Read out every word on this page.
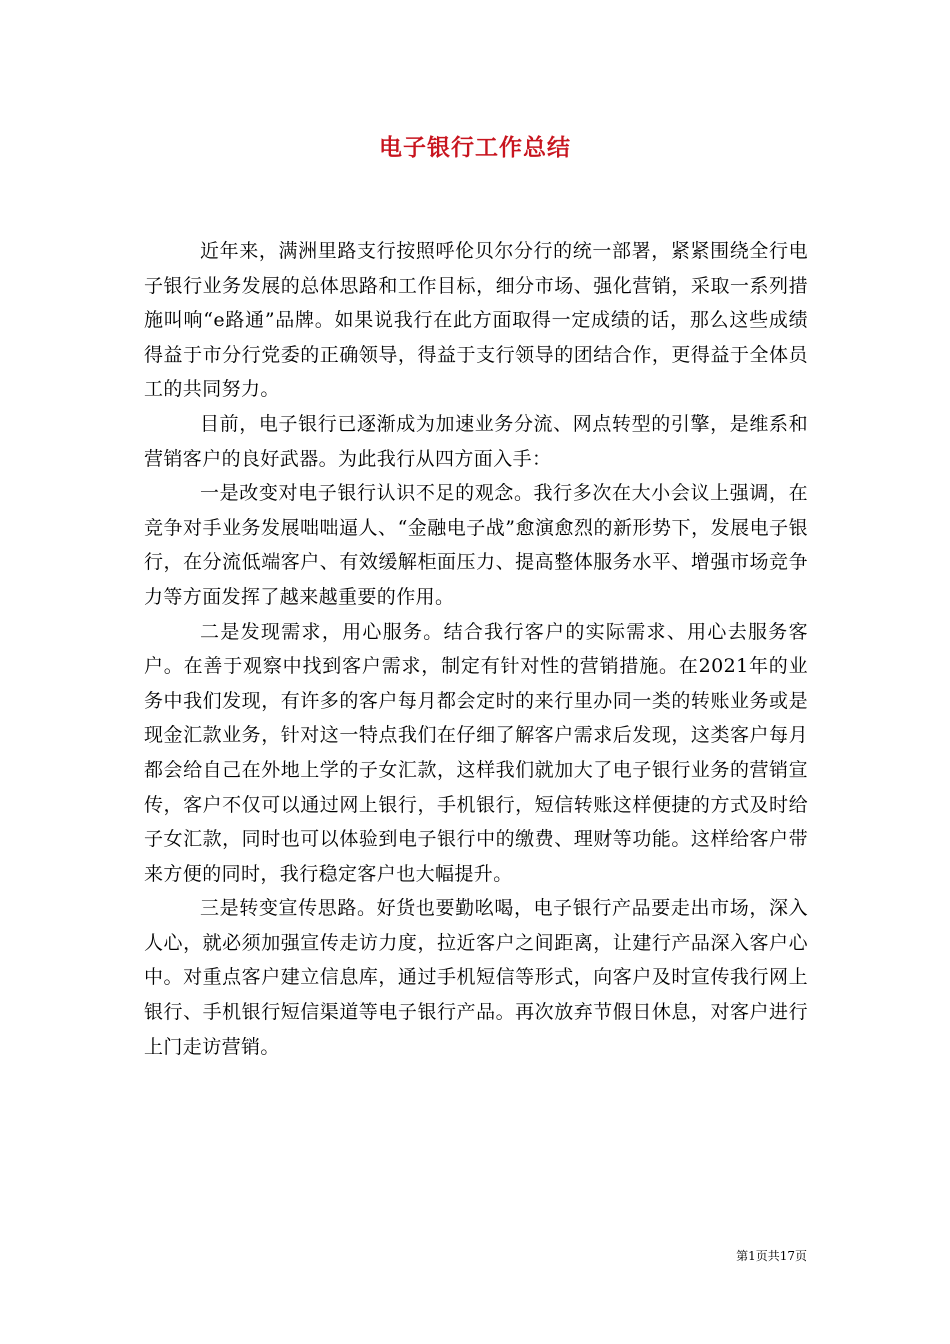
电子银行工作总结

近年来，满洲里路支行按照呼伦贝尔分行的统一部署，紧紧围绕全行电子银行业务发展的总体思路和工作目标，细分市场、强化营销，采取一系列措施叫响“e路通”品牌。如果说我行在此方面取得一定成绩的话，那么这些成绩得益于市分行党委的正确领导，得益于支行领导的团结合作，更得益于全体员工的共同努力。

目前，电子银行已逐渐成为加速业务分流、网点转型的引擎，是维系和营销客户的良好武器。为此我行从四方面入手：

一是改变对电子银行认识不足的观念。我行多次在大小会议上强调，在竞争对手业务发展咄咄逼人、“金融电子战”愈演愈烈的新形势下，发展电子银行，在分流低端客户、有效缓解柜面压力、提高整体服务水平、增强市场竞争力等方面发挥了越来越重要的作用。

二是发现需求，用心服务。结合我行客户的实际需求、用心去服务客户。在善于观察中找到客户需求，制定有针对性的营销措施。在2021年的业务中我们发现，有许多的客户每月都会定时的来行里办同一类的转账业务或是现金汇款业务，针对这一特点我们在仔细了解客户需求后发现，这类客户每月都会给自己在外地上学的子女汇款，这样我们就加大了电子银行业务的营销宣传，客户不仅可以通过网上银行，手机银行，短信转账这样便捷的方式及时给子女汇款，同时也可以体验到电子银行中的缴费、理财等功能。这样给客户带来方便的同时，我行稳定客户也大幅提升。

三是转变宣传思路。好货也要勤吆喝，电子银行产品要走出市场，深入人心，就必须加强宣传走访力度，拉近客户之间距离，让建行产品深入客户心中。对重点客户建立信息库，通过手机短信等形式，向客户及时宣传我行网上银行、手机银行短信渠道等电子银行产品。再次放弃节假日休息，对客户进行上门走访营销。

第1页共17页
